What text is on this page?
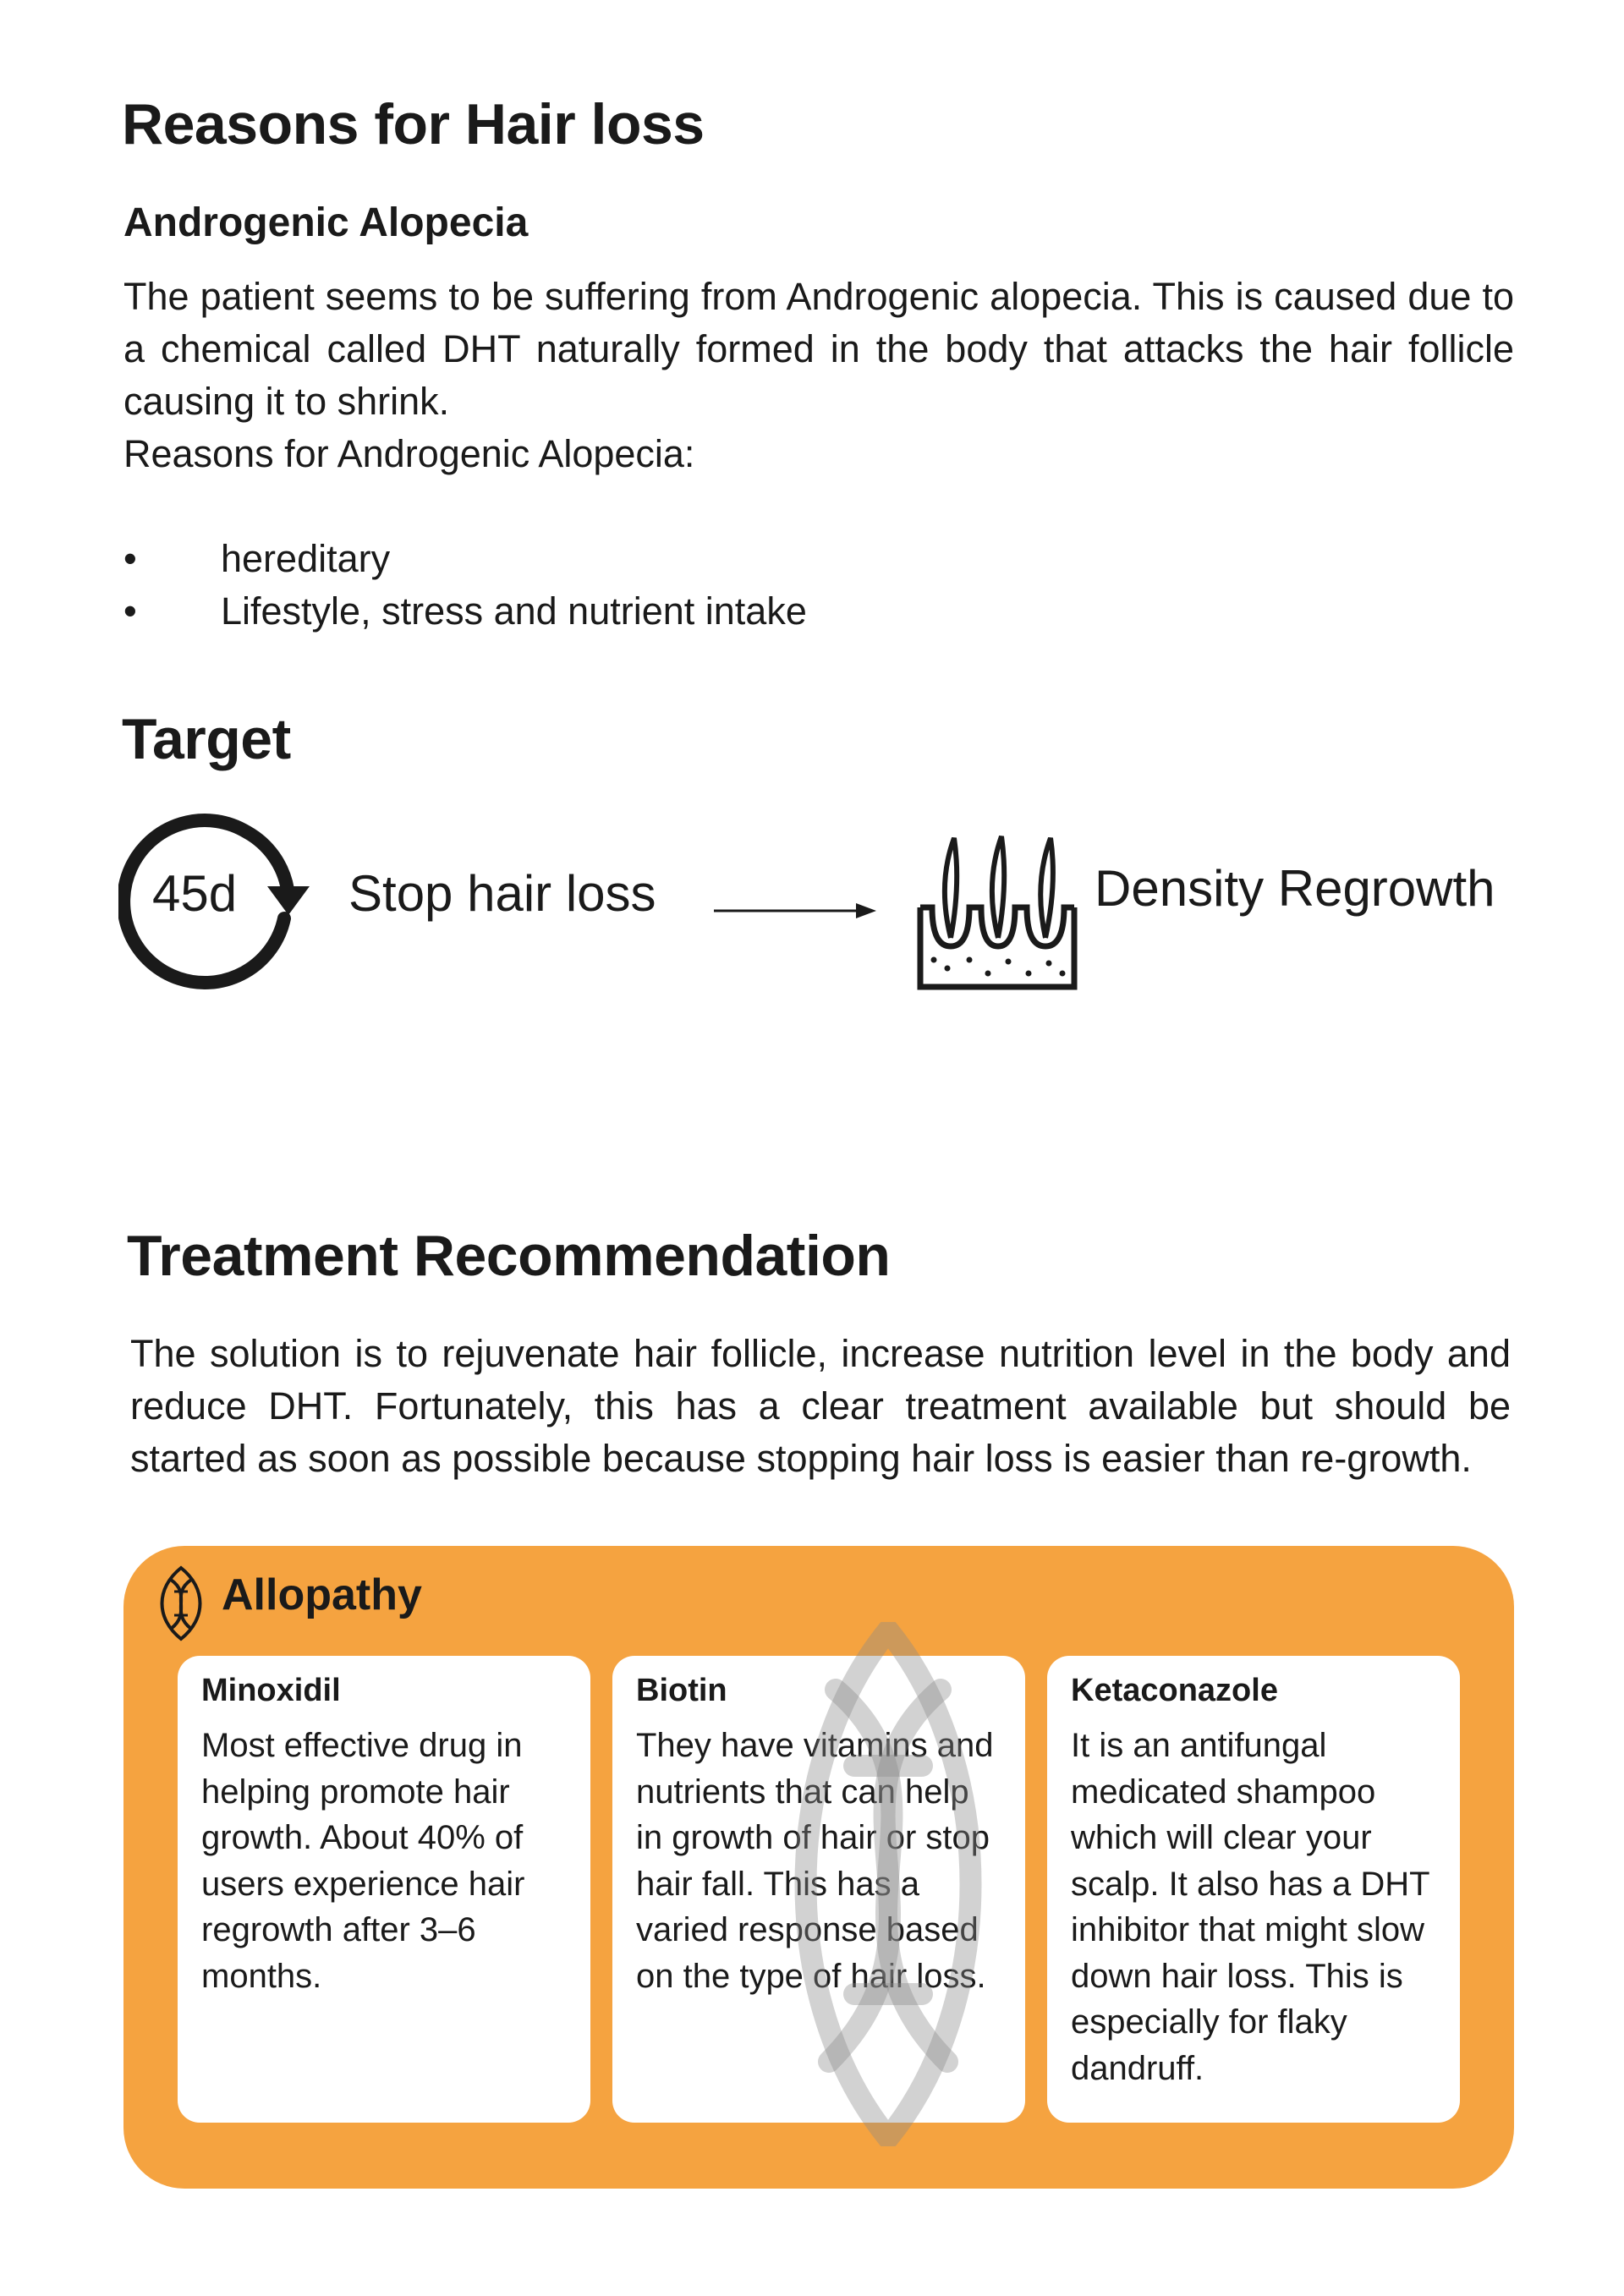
Reasons for Hair loss
Androgenic Alopecia

The patient seems to be suffering from Androgenic alopecia. This is caused due to a chemical called DHT naturally formed in the body that attacks the hair follicle causing it to shrink.

Reasons for Androgenic Alopecia:

•	hereditary
•	Lifestyle, stress and nutrient intake
Target
45d Stop hair loss	Density Regrowth
Treatment Recommendation
The solution is to rejuvenate hair follicle, increase nutrition level in the body and reduce DHT. Fortunately, this has a clear treatment available but should be started as soon as possible because stopping hair loss is easier than re-growth.
Allopathy
Minoxidil
Most effective drug in helping promote hair growth. About 40% of users experience hair regrowth after 3–6 months.
Biotin
They have vitamins and nutrients that can help in growth of hair or stop hair fall. This has a varied response based on the type of hair loss.
Ketaconazole
It is an antifungal medicated shampoo which will clear your scalp. It also has a DHT inhibitor that might slow down hair loss. This is especially for flaky dandruff.
